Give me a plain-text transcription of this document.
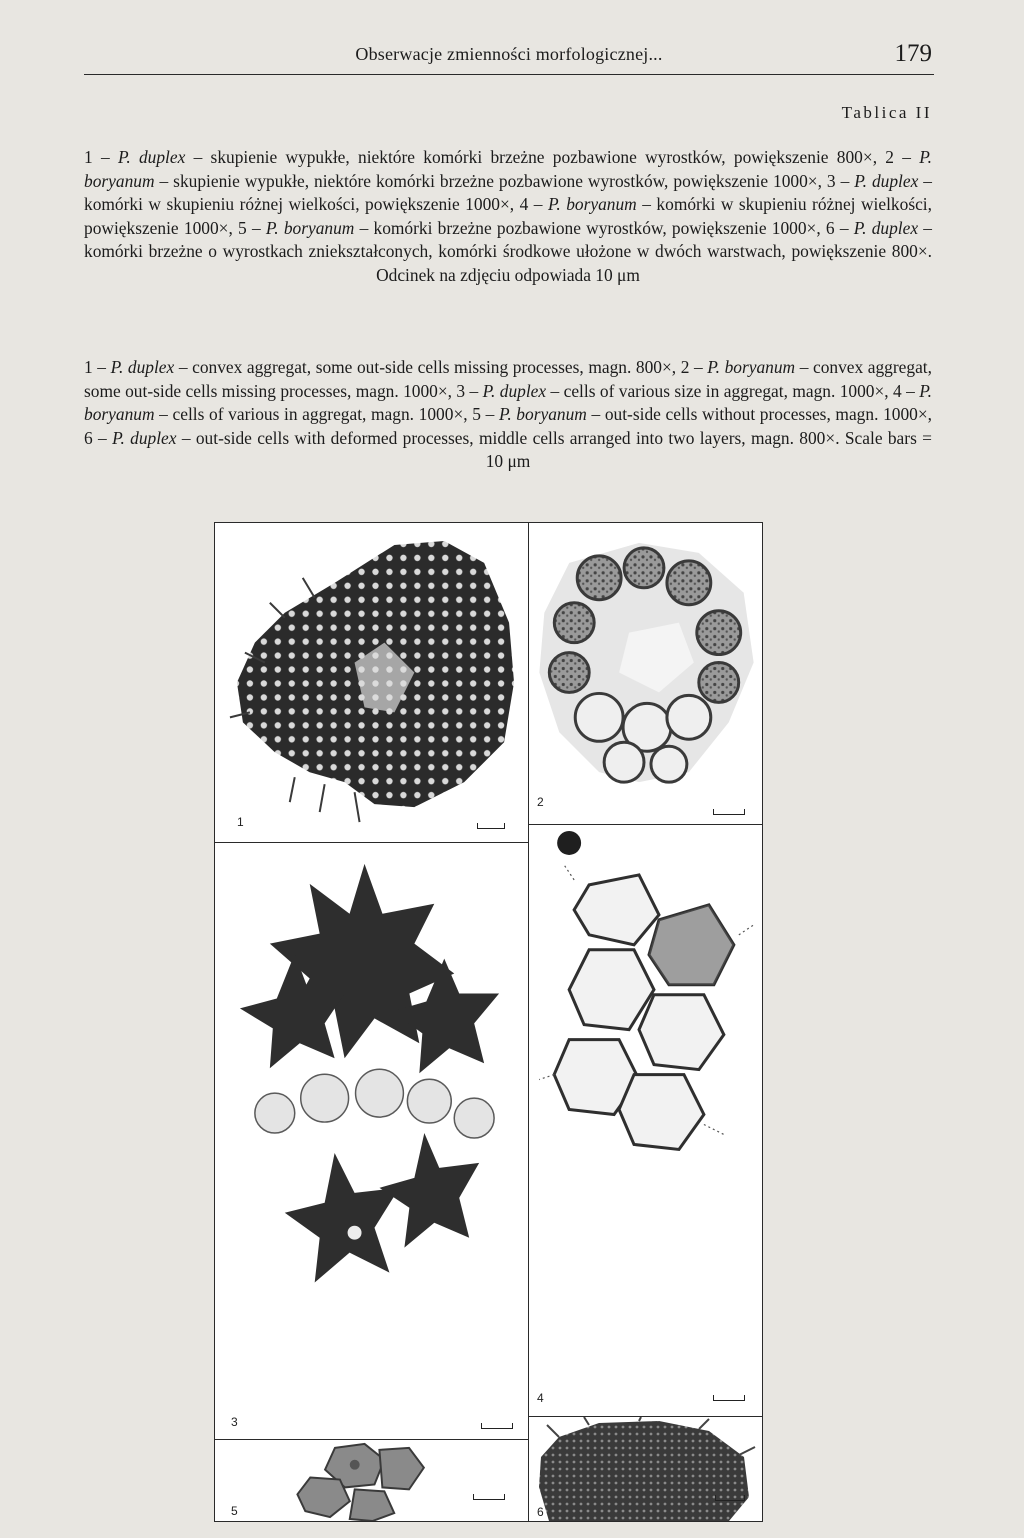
Obserwacje zmienności morfologicznej...	179
Tablica II
1 – P. duplex – skupienie wypukłe, niektóre komórki brzeżne pozbawione wyrostków, powiększenie 800×, 2 – P. boryanum – skupienie wypukłe, niektóre komórki brzeżne pozbawione wyrostków, powiększenie 1000×, 3 – P. duplex – komórki w skupieniu różnej wielkości, powiększenie 1000×, 4 – P. boryanum – komórki w skupieniu różnej wielkości, powiększenie 1000×, 5 – P. boryanum – komórki brzeżne pozbawione wyrostków, powiększenie 1000×, 6 – P. duplex – komórki brzeżne o wyrostkach zniekształconych, komórki środkowe ułożone w dwóch warstwach, powiększenie 800×. Odcinek na zdjęciu odpowiada 10 μm
1 – P. duplex – convex aggregat, some out-side cells missing processes, magn. 800×, 2 – P. boryanum – convex aggregat, some out-side cells missing processes, magn. 1000×, 3 – P. duplex – cells of various size in aggregat, magn. 1000×, 4 – P. boryanum – cells of various in aggregat, magn. 1000×, 5 – P. boryanum – out-side cells without processes, magn. 1000×, 6 – P. duplex – out-side cells with deformed processes, middle cells arranged into two layers, magn. 800×. Scale bars = 10 μm
1
2
3
4
5	6
